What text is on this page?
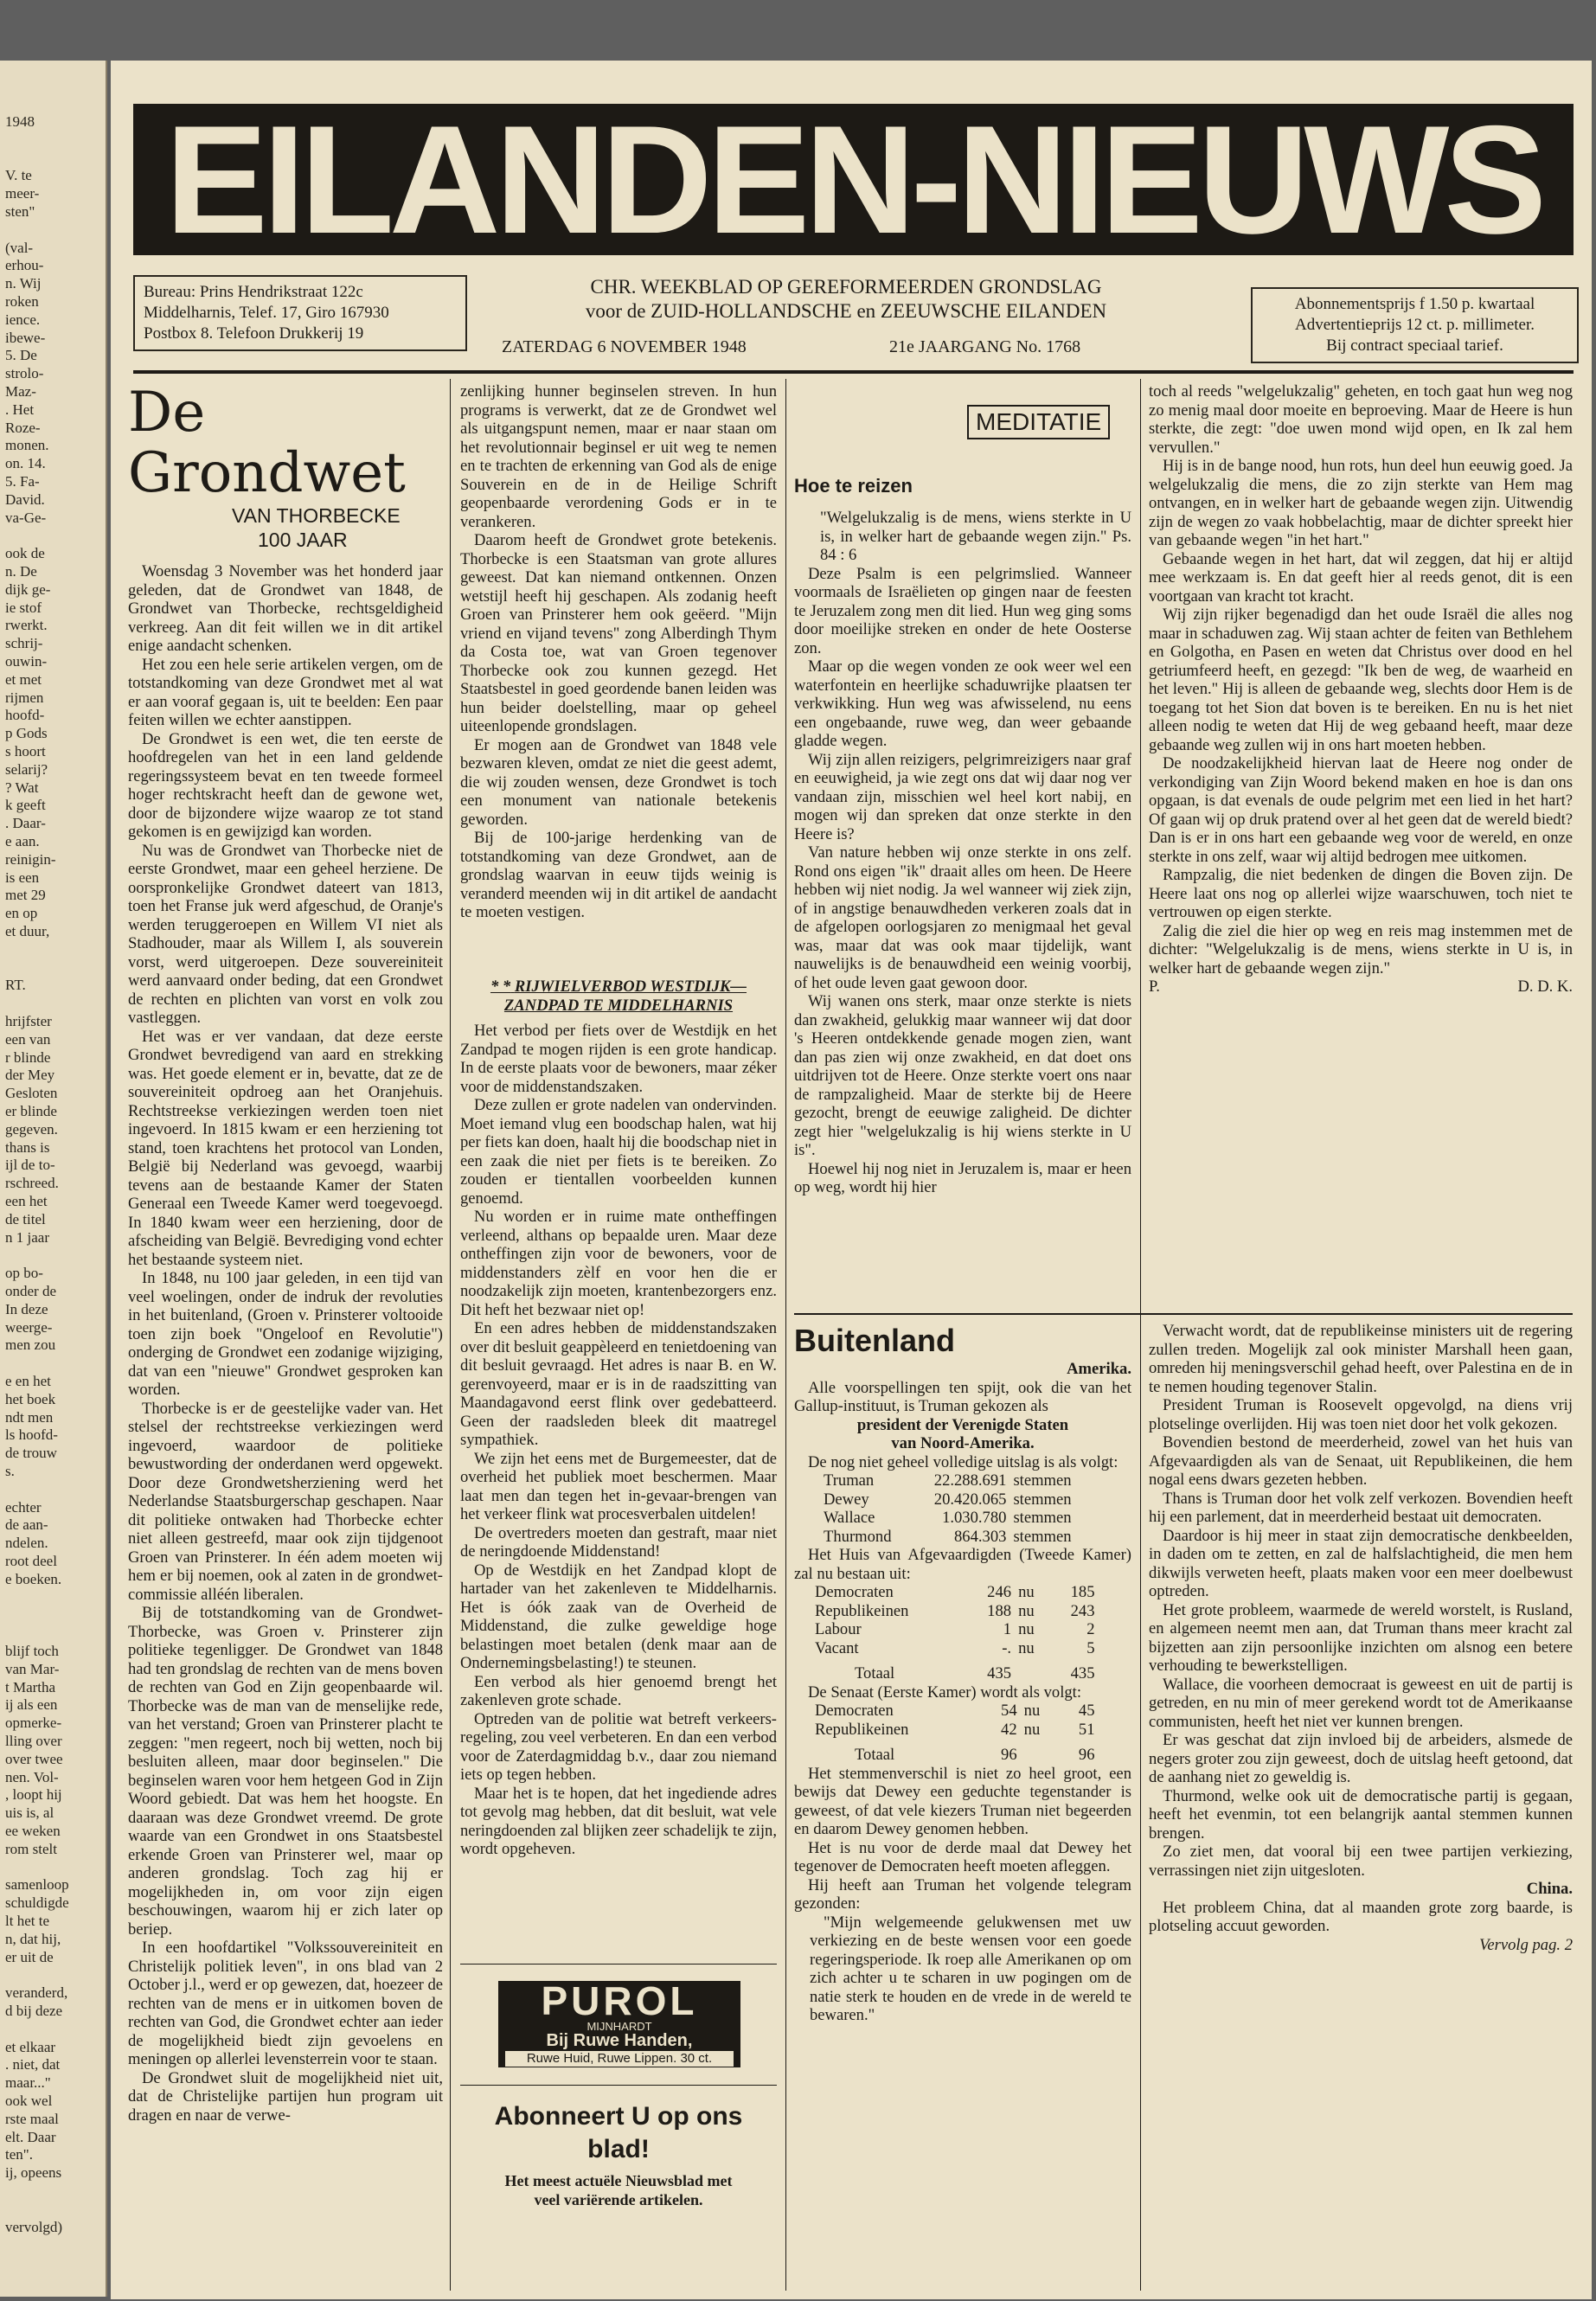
1948
V. te
meer-
sten"
(val-
erhou-
n. Wij
roken
ience.
ibewe-
5. De
strolo-
Maz-
. Het
Roze-
monen.
on. 14.
5. Fa-
David.
va-Ge-
ook de
n. De
dijk ge-
ie stof
rwerkt.
schrij-
ouwin-
et met
rijmen
hoofd-
p Gods
s hoort
selarij?
? Wat
k geeft
. Daar-
e aan.
reinigin-
is een
met 29
en op
et duur,
RT.
hrijfster
een van
r blinde
der Mey
Gesloten
er blinde
gegeven.
thans is
ijl de to-
rschreed.
een het
de titel
n 1 jaar
op bo-
onder de
In deze
weerge-
men zou
e en het
het boek
ndt men
ls hoofd-
de trouw
s.
echter
de aan-
ndelen.
root deel
e boeken.
blijf toch
van Mar-
t Martha
ij als een
opmerke-
lling over
over twee
nen. Vol-
, loopt hij
uis is, al
ee weken
rom stelt
samenloop
schuldigde
lt het te
n, dat hij,
er uit de
veranderd,
d bij deze
et elkaar
. niet, dat
maar..."
ook wel
rste maal
elt. Daar
ten".
ij, opeens
vervolgd)
EILANDEN-NIEUWS
Bureau: Prins Hendrikstraat 122c
Middelharnis, Telef. 17, Giro 167930
Postbox 8. Telefoon Drukkerij 19
CHR. WEEKBLAD OP GEREFORMEERDEN GRONDSLAG
voor de ZUID-HOLLANDSCHE en ZEEUWSCHE EILANDEN
ZATERDAG 6 NOVEMBER 1948	21e JAARGANG No. 1768
Abonnementsprijs f 1.50 p. kwartaal
Advertentieprijs 12 ct. p. millimeter.
Bij contract speciaal tarief.
De Grondwet
VAN THORBECKE
100 JAAR

Woensdag 3 November was het honderd jaar geleden, dat de Grondwet van 1848, de Grondwet van Thorbecke, rechtsgeldigheid verkreeg. Aan dit feit willen we in dit artikel enige aandacht schenken.

Het zou een hele serie artikelen vergen, om de totstandkoming van deze Grondwet met al wat er aan vooraf gegaan is, uit te beelden: Een paar feiten willen we echter aanstippen.

De Grondwet is een wet, die ten eerste de hoofdregelen van het in een land geldende regeringssysteem bevat en ten tweede formeel hoger rechtskracht heeft dan de gewone wet, door de bijzondere wijze waarop ze tot stand gekomen is en gewijzigd kan worden.

Nu was de Grondwet van Thorbecke niet de eerste Grondwet, maar een geheel herziene. De oorspronkelijke Grondwet dateert van 1813, toen het Franse juk werd afgeschud, de Oranje's werden teruggeroepen en Willem VI niet als Stadhouder, maar als Willem I, als souverein vorst, werd uitgeroepen. Deze souvereiniteit werd aanvaard onder beding, dat een Grondwet de rechten en plichten van vorst en volk zou vastleggen.

Het was er ver vandaan, dat deze eerste Grondwet bevredigend van aard en strekking was. Het goede element er in, bevatte, dat ze de souvereiniteit opdroeg aan het Oranjehuis. Rechtstreekse verkiezingen werden toen niet ingevoerd. In 1815 kwam er een herziening tot stand, toen krachtens het protocol van Londen, België bij Nederland was gevoegd, waarbij tevens aan de bestaande Kamer der Staten Generaal een Tweede Kamer werd toegevoegd. In 1840 kwam weer een herziening, door de afscheiding van België. Bevrediging vond echter het bestaande systeem niet.

In 1848, nu 100 jaar geleden, in een tijd van veel woelingen, onder de indruk der revoluties in het buitenland, (Groen v. Prinsterer voltooide toen zijn boek "Ongeloof en Revolutie") onderging de Grondwet een zodanige wijziging, dat van een "nieuwe" Grondwet gesproken kan worden.

Thorbecke is er de geestelijke vader van. Het stelsel der rechtstreekse verkiezingen werd ingevoerd, waardoor de politieke bewustwording der onderdanen werd opgewekt. Door deze Grondwetsherziening werd het Nederlandse Staatsburgerschap geschapen. Naar dit politieke ontwaken had Thorbecke echter niet alleen gestreefd, maar ook zijn tijdgenoot Groen van Prinsterer. In één adem moeten wij hem er bij noemen, ook al zaten in de grondwet-commissie alléén liberalen.

Bij de totstandkoming van de Grondwet-Thorbecke, was Groen v. Prinsterer zijn politieke tegenligger. De Grondwet van 1848 had ten grondslag de rechten van de mens boven de rechten van God en Zijn geopenbaarde wil. Thorbecke was de man van de menselijke rede, van het verstand; Groen van Prinsterer placht te zeggen: "men regeert, noch bij wetten, noch bij besluiten alleen, maar door beginselen." Die beginselen waren voor hem hetgeen God in Zijn Woord gebiedt. Dat was hem het hoogste. En daaraan was deze Grondwet vreemd. De grote waarde van een Grondwet in ons Staatsbestel erkende Groen van Prinsterer wel, maar op anderen grondslag. Toch zag hij er mogelijkheden in, om voor zijn eigen beschouwingen, waarom hij er zich later op beriep.

In een hoofdartikel "Volkssouvereiniteit en Christelijk politiek leven", in ons blad van 2 October j.l., werd er op gewezen, dat, hoezeer de rechten van de mens er in uitkomen boven de rechten van God, die Grondwet echter aan ieder de mogelijkheid biedt zijn gevoelens en meningen op allerlei levensterrein voor te staan.

De Grondwet sluit de mogelijkheid niet uit, dat de Christelijke partijen hun program uit dragen en naar de verwe-

zenlijking hunner beginselen streven. In hun programs is verwerkt, dat ze de Grondwet wel als uitgangspunt nemen, maar er naar staan om het revolutionnair beginsel er uit weg te nemen en te trachten de erkenning van God als de enige Souverein en de in de Heilige Schrift geopenbaarde verordening Gods er in te verankeren.

Daarom heeft de Grondwet grote betekenis. Thorbecke is een Staatsman van grote allures geweest. Dat kan niemand ontkennen. Onzen wetstijl heeft hij geschapen. Als zodanig heeft Groen van Prinsterer hem ook geëerd. "Mijn vriend en vijand tevens" zong Alberdingh Thym da Costa toe, wat van Groen tegenover Thorbecke ook zou kunnen gezegd. Het Staatsbestel in goed geordende banen leiden was hun beider doelstelling, maar op geheel uiteenlopende grondslagen.

Er mogen aan de Grondwet van 1848 vele bezwaren kleven, omdat ze niet die geest ademt, die wij zouden wensen, deze Grondwet is toch een monument van nationale betekenis geworden.

Bij de 100-jarige herdenking van de totstandkoming van deze Grondwet, aan de grondslag waarvan in eeuw tijds weinig is veranderd meenden wij in dit artikel de aandacht te moeten vestigen.

* * RIJWIELVERBOD WESTDIJK—
ZANDPAD TE MIDDELHARNIS

Het verbod per fiets over de Westdijk en het Zandpad te mogen rijden is een grote handicap. In de eerste plaats voor de bewoners, maar zéker voor de middenstandszaken.

Deze zullen er grote nadelen van ondervinden. Moet iemand vlug een boodschap halen, wat hij per fiets kan doen, haalt hij die boodschap niet in een zaak die niet per fiets is te bereiken. Zo zouden er tientallen voorbeelden kunnen genoemd.

Nu worden er in ruime mate ontheffingen verleend, althans op bepaalde uren. Maar deze ontheffingen zijn voor de bewoners, voor de middenstanders zèlf en voor hen die er noodzakelijk zijn moeten, krantenbezorgers enz. Dit heft het bezwaar niet op!

En een adres hebben de middenstandszaken over dit besluit geappèleerd en tenietdoening van dit besluit gevraagd. Het adres is naar B. en W. gerenvoyeerd, maar er is in de raadszitting van Maandagavond eerst flink over gedebatteerd. Geen der raadsleden bleek dit maatregel sympathiek.

We zijn het eens met de Burgemeester, dat de overheid het publiek moet beschermen. Maar laat men dan tegen het in-gevaar-brengen van het verkeer flink wat procesverbalen uitdelen!

De overtreders moeten dan gestraft, maar niet de neringdoende Middenstand!

Op de Westdijk en het Zandpad klopt de hartader van het zakenleven te Middelharnis. Het is óók zaak van de Overheid de Middenstand, die zulke geweldige hoge belastingen moet betalen (denk maar aan de Ondernemingsbelasting!) te steunen.

Een verbod als hier genoemd brengt het zakenleven grote schade.

Optreden van de politie wat betreft verkeers-regeling, zou veel verbeteren. En dan een verbod voor de Zaterdagmiddag b.v., daar zou niemand iets op tegen hebben.

Maar het is te hopen, dat het ingediende adres tot gevolg mag hebben, dat dit besluit, wat vele neringdoenden zal blijken zeer schadelijk te zijn, wordt opgeheven.

PUROL
MIJNHARDT
Bij Ruwe Handen,
Ruwe Huid, Ruwe Lippen. 30 ct.
Abonneert U op ons blad!
Het meest actuële Nieuwsblad met
veel variërende artikelen.
MEDITATIE
Hoe te reizen

"Welgelukzalig is de mens, wiens sterkte in U is, in welker hart de gebaande wegen zijn." Ps. 84 : 6

Deze Psalm is een pelgrimslied. Wanneer voormaals de Israëlieten op gingen naar de feesten te Jeruzalem zong men dit lied. Hun weg ging soms door moeilijke streken en onder de hete Oosterse zon.

Maar op die wegen vonden ze ook weer wel een waterfontein en heerlijke schaduwrijke plaatsen ter verkwikking. Hun weg was afwisselend, nu eens een ongebaande, ruwe weg, dan weer gebaande gladde wegen.

Wij zijn allen reizigers, pelgrimreizigers naar graf en eeuwigheid, ja wie zegt ons dat wij daar nog ver vandaan zijn, misschien wel heel kort nabij, en mogen wij dan spreken dat onze sterkte in den Heere is?

Van nature hebben wij onze sterkte in ons zelf. Rond ons eigen "ik" draait alles om heen. De Heere hebben wij niet nodig. Ja wel wanneer wij ziek zijn, of in angstige benauwdheden verkeren zoals dat in de afgelopen oorlogsjaren zo menigmaal het geval was, maar dat was ook maar tijdelijk, want nauwelijks is de benauwdheid een weinig voorbij, of het oude leven gaat gewoon door.

Wij wanen ons sterk, maar onze sterkte is niets dan zwakheid, gelukkig maar wanneer wij dat door 's Heeren ontdekkende genade mogen zien, want dan pas zien wij onze zwakheid, en dat doet ons uitdrijven tot de Heere. Onze sterkte voert ons naar de rampzaligheid. Maar de sterkte bij de Heere gezocht, brengt de eeuwige zaligheid. De dichter zegt hier "welgelukzalig is hij wiens sterkte in U is".

Hoewel hij nog niet in Jeruzalem is, maar er heen op weg, wordt hij hier

Buitenland
Amerika.

Alle voorspellingen ten spijt, ook die van het Gallup-instituut, is Truman gekozen als

president der Verenigde Staten
van Noord-Amerika.

De nog niet geheel volledige uitslag is als volgt:

Truman	22.288.691	stemmen
Dewey	20.420.065	stemmen
Wallace	1.030.780	stemmen
Thurmond	864.303	stemmen

Het Huis van Afgevaardigden (Tweede Kamer) zal nu bestaan uit:

Democraten	246	nu	185
Republikeinen	188	nu	243
Labour	1	nu	2
Vacant	-.	nu	5
Totaal	435		435

De Senaat (Eerste Kamer) wordt als volgt:

Democraten	54	nu	45
Republikeinen	42	nu	51
Totaal	96		96

Het stemmenverschil is niet zo heel groot, een bewijs dat Dewey een geduchte tegenstander is geweest, of dat vele kiezers Truman niet begeerden en daarom Dewey genomen hebben.

Het is nu voor de derde maal dat Dewey het tegenover de Democraten heeft moeten afleggen.

Hij heeft aan Truman het volgende telegram gezonden:

"Mijn welgemeende gelukwensen met uw verkiezing en de beste wensen voor een goede regeringsperiode. Ik roep alle Amerikanen op om zich achter u te scharen in uw pogingen om de natie sterk te houden en de vrede in de wereld te bewaren."

toch al reeds "welgelukzalig" geheten, en toch gaat hun weg nog zo menig maal door moeite en beproeving. Maar de Heere is hun sterkte, die zegt: "doe uwen mond wijd open, en Ik zal hem vervullen."

Hij is in de bange nood, hun rots, hun deel hun eeuwig goed. Ja welgelukzalig die mens, die zo zijn sterkte van Hem mag ontvangen, en in welker hart de gebaande wegen zijn. Uitwendig zijn de wegen zo vaak hobbelachtig, maar de dichter spreekt hier van gebaande wegen "in het hart."

Gebaande wegen in het hart, dat wil zeggen, dat hij er altijd mee werkzaam is. En dat geeft hier al reeds genot, dit is een voortgaan van kracht tot kracht.

Wij zijn rijker begenadigd dan het oude Israël die alles nog maar in schaduwen zag. Wij staan achter de feiten van Bethlehem en Golgotha, en Pasen en weten dat Christus over dood en hel getriumfeerd heeft, en gezegd: "Ik ben de weg, de waarheid en het leven." Hij is alleen de gebaande weg, slechts door Hem is de toegang tot het Sion dat boven is te bereiken. En nu is het niet alleen nodig te weten dat Hij de weg gebaand heeft, maar deze gebaande weg zullen wij in ons hart moeten hebben.

De noodzakelijkheid hiervan laat de Heere nog onder de verkondiging van Zijn Woord bekend maken en hoe is dan ons opgaan, is dat evenals de oude pelgrim met een lied in het hart? Of gaan wij op druk pratend over al het geen dat de wereld biedt? Dan is er in ons hart een gebaande weg voor de wereld, en onze sterkte in ons zelf, waar wij altijd bedrogen mee uitkomen.

Rampzalig, die niet bedenken de dingen die Boven zijn. De Heere laat ons nog op allerlei wijze waarschuwen, toch niet te vertrouwen op eigen sterkte.

Zalig die ziel die hier op weg en reis mag instemmen met de dichter: "Welgelukzalig is de mens, wiens sterkte in U is, in welker hart de gebaande wegen zijn."

P.	D. D. K.

Verwacht wordt, dat de republikeinse ministers uit de regering zullen treden. Mogelijk zal ook minister Marshall heen gaan, omreden hij meningsverschil gehad heeft, over Palestina en de in te nemen houding tegenover Stalin.

President Truman is Roosevelt opgevolgd, na diens vrij plotselinge overlijden. Hij was toen niet door het volk gekozen.

Bovendien bestond de meerderheid, zowel van het huis van Afgevaardigden als van de Senaat, uit Republikeinen, die hem nogal eens dwars gezeten hebben.

Thans is Truman door het volk zelf verkozen. Bovendien heeft hij een parlement, dat in meerderheid bestaat uit democraten.

Daardoor is hij meer in staat zijn democratische denkbeelden, in daden om te zetten, en zal de halfslachtigheid, die men hem dikwijls verweten heeft, plaats maken voor een meer doelbewust optreden.

Het grote probleem, waarmede de wereld worstelt, is Rusland, en algemeen neemt men aan, dat Truman thans meer kracht zal bijzetten aan zijn persoonlijke inzichten om alsnog een betere verhouding te bewerkstelligen.

Wallace, die voorheen democraat is geweest en uit de partij is getreden, en nu min of meer gerekend wordt tot de Amerikaanse communisten, heeft het niet ver kunnen brengen.

Er was geschat dat zijn invloed bij de arbeiders, alsmede de negers groter zou zijn geweest, doch de uitslag heeft getoond, dat de aanhang niet zo geweldig is.

Thurmond, welke ook uit de democratische partij is gegaan, heeft het evenmin, tot een belangrijk aantal stemmen kunnen brengen.

Zo ziet men, dat vooral bij een twee partijen verkiezing, verrassingen niet zijn uitgesloten.

China.

Het probleem China, dat al maanden grote zorg baarde, is plotseling accuut geworden.

Vervolg pag. 2
